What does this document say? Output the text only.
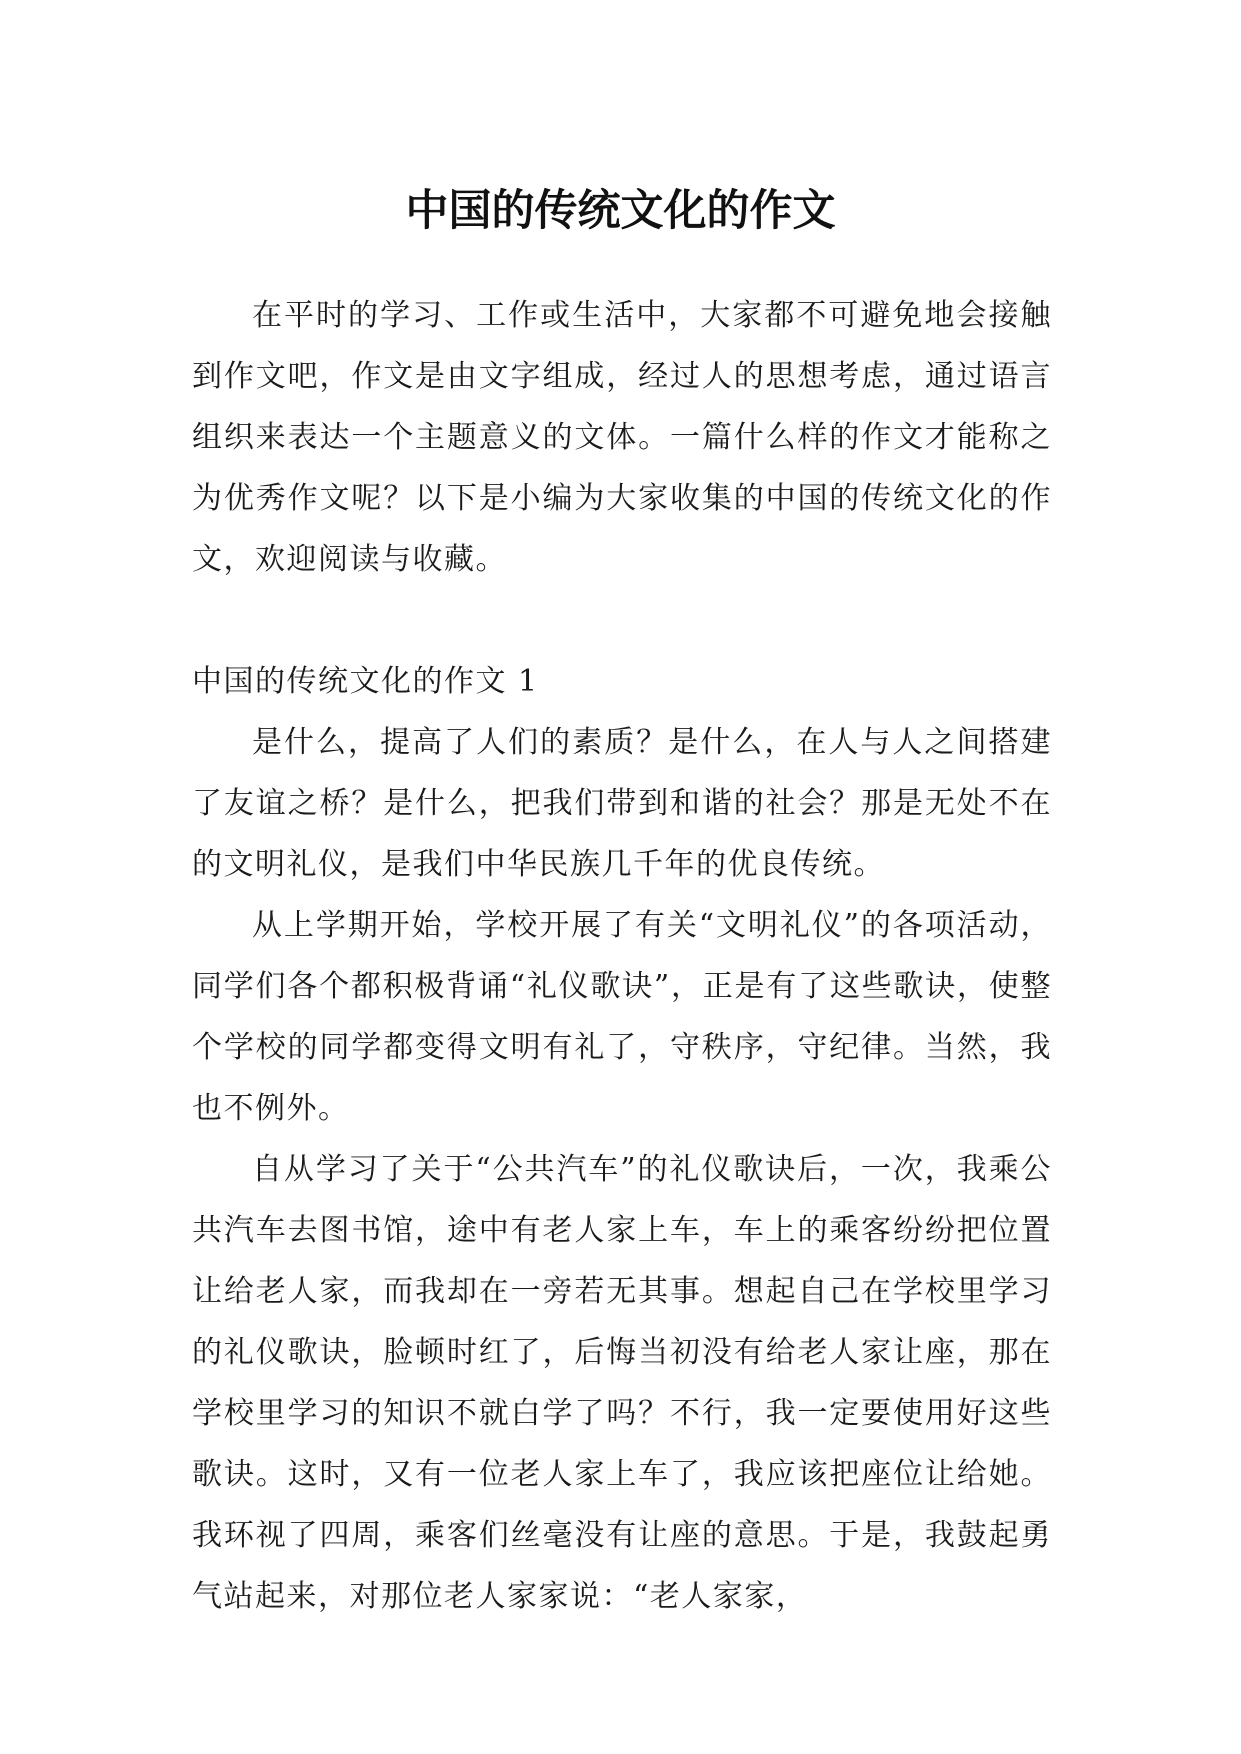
中国的传统文化的作文

在平时的学习、工作或生活中，大家都不可避免地会接触到作文吧，作文是由文字组成，经过人的思想考虑，通过语言组织来表达一个主题意义的文体。一篇什么样的作文才能称之为优秀作文呢？以下是小编为大家收集的中国的传统文化的作文，欢迎阅读与收藏。

中国的传统文化的作文 1

是什么，提高了人们的素质？是什么，在人与人之间搭建了友谊之桥？是什么，把我们带到和谐的社会？那是无处不在的文明礼仪，是我们中华民族几千年的优良传统。

从上学期开始，学校开展了有关“文明礼仪”的各项活动，同学们各个都积极背诵“礼仪歌诀”，正是有了这些歌诀，使整个学校的同学都变得文明有礼了，守秩序，守纪律。当然，我也不例外。

自从学习了关于“公共汽车”的礼仪歌诀后，一次，我乘公共汽车去图书馆，途中有老人家上车，车上的乘客纷纷把位置让给老人家，而我却在一旁若无其事。想起自己在学校里学习的礼仪歌诀，脸顿时红了，后悔当初没有给老人家让座，那在学校里学习的知识不就白学了吗？不行，我一定要使用好这些歌诀。这时，又有一位老人家上车了，我应该把座位让给她。我环视了四周，乘客们丝毫没有让座的意思。于是，我鼓起勇气站起来，对那位老人家家说：“老人家家，
